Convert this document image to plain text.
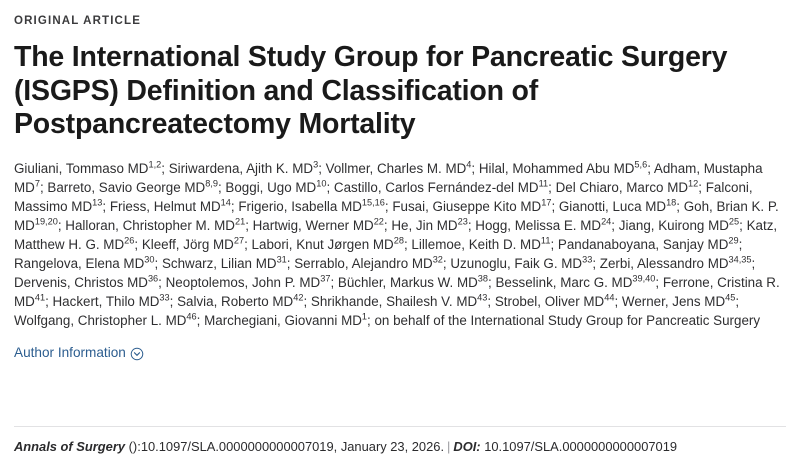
ORIGINAL ARTICLE
The International Study Group for Pancreatic Surgery (ISGPS) Definition and Classification of Postpancreatectomy Mortality

Giuliani, Tommaso MD$^{1,2}$; Siriwardena, Ajith K. $MD^3$; Vollmer, Charles M. $MD^4$; Hilal, Mohammed Abu MD$^{5,6}$; Adham, Mustapha $MD^7$; Barreto, Savio George MD$^{8,9}$; Boggi, Ugo MD$^{10}$; Castillo, Carlos Fernández-del MD$^{11}$; Del Chiaro, Marco MD$^{12}$; Falconi, Massimo MD$^{13}$; Friess, Helmut MD$^{14}$; Frigerio, Isabella MD$^{15,16}$; Fusai, Giuseppe Kito MD$^{17}$; Gianotti, Luca MD$^{18}$; Goh, Brian K. P. MD$^{19,20}$; Halloran, Christopher M. MD$^{21}$; Hartwig, Werner MD$^{22}$; He, Jin MD$^{23}$; Hogg, Melissa E. MD$^{24}$; Jiang, Kuirong MD$^{25}$; Katz, Matthew H. G. MD$^{26}$; Kleeff, Jörg MD$^{27}$; Labori, Knut Jørgen MD$^{28}$; Lillemoe, Keith D. MD$^{11}$; Pandanaboyana, Sanjay MD$^{29}$; Rangelova, Elena MD$^{30}$; Schwarz, Lilian MD$^{31}$; Serrablo, Alejandro MD$^{32}$; Uzunoglu, Faik G. MD$^{33}$; Zerbi, Alessandro MD$^{34,35}$; Dervenis, Christos MD$^{36}$; Neoptolemos, John P. MD$^{37}$; Büchler, Markus W. MD$^{38}$; Besselink, Marc G. MD$^{39,40}$; Ferrone, Cristina R. MD$^{41}$; Hackert, Thilo MD$^{33}$; Salvia, Roberto MD$^{42}$; Shrikhande, Shailesh V. MD$^{43}$; Strobel, Oliver MD$^{44}$; Werner, Jens MD$^{45}$; Wolfgang, Christopher L. MD$^{46}$; Marchegiani, Giovanni $MD^1$; on behalf of the International Study Group for Pancreatic Surgery

Author Information
Annals of Surgery ():10.1097/SLA.0000000000007019, January 23, 2026. | DOI: 10.1097/SLA.0000000000007019
